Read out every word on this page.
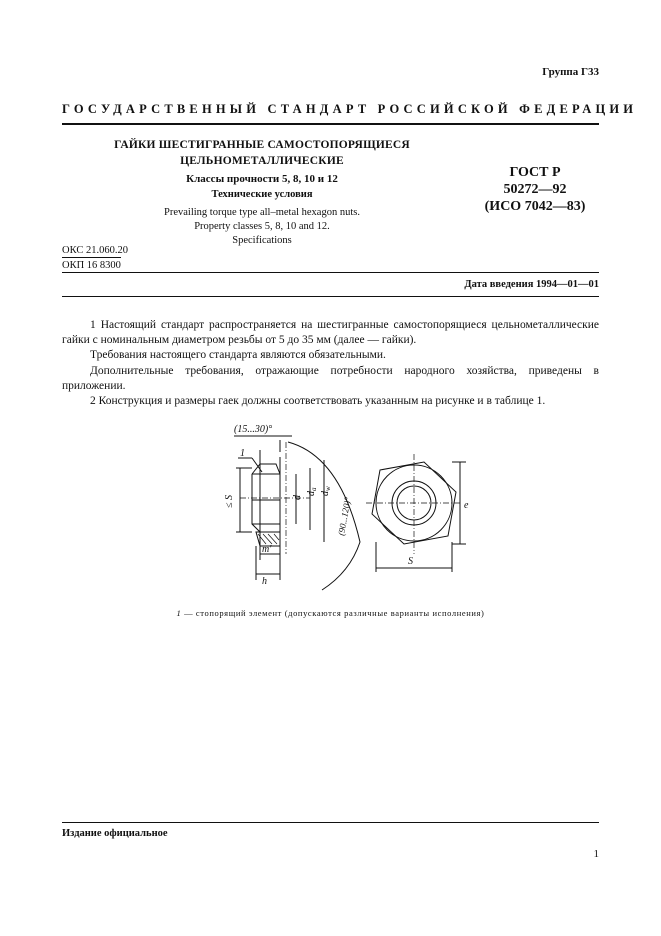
Группа Г33
ГОСУДАРСТВЕННЫЙ СТАНДАРТ РОССИЙСКОЙ ФЕДЕРАЦИИ
ГАЙКИ ШЕСТИГРАННЫЕ САМОСТОПОРЯЩИЕСЯ
ЦЕЛЬНОМЕТАЛЛИЧЕСКИЕ
Классы прочности 5, 8, 10 и 12
Технические условия
Prevailing torque type all–metal hexagon nuts.
Property classes 5, 8, 10 and 12.
Specifications
ГОСТ Р
50272—92
(ИСО 7042—83)
ОКС 21.060.20
ОКП 16 8300
Дата введения 1994—01—01

1 Настоящий стандарт распространяется на шестигранные самостопорящиеся цельнометаллические гайки с номинальным диаметром резьбы от 5 до 35 мм (далее — гайки).

Требования настоящего стандарта являются обязательными.

Дополнительные требования, отражающие потребности народного хозяйства, приведены в приложении.

2 Конструкция и размеры гаек должны соответствовать указанным на рисунке и в таблице 1.

(15...30)°
1
≤ S	d
$d_a$
$d_w$
(90...120)°
m'
h
e
S
1 — стопорящий элемент (допускаются различные варианты исполнения)
Издание официальное
1
